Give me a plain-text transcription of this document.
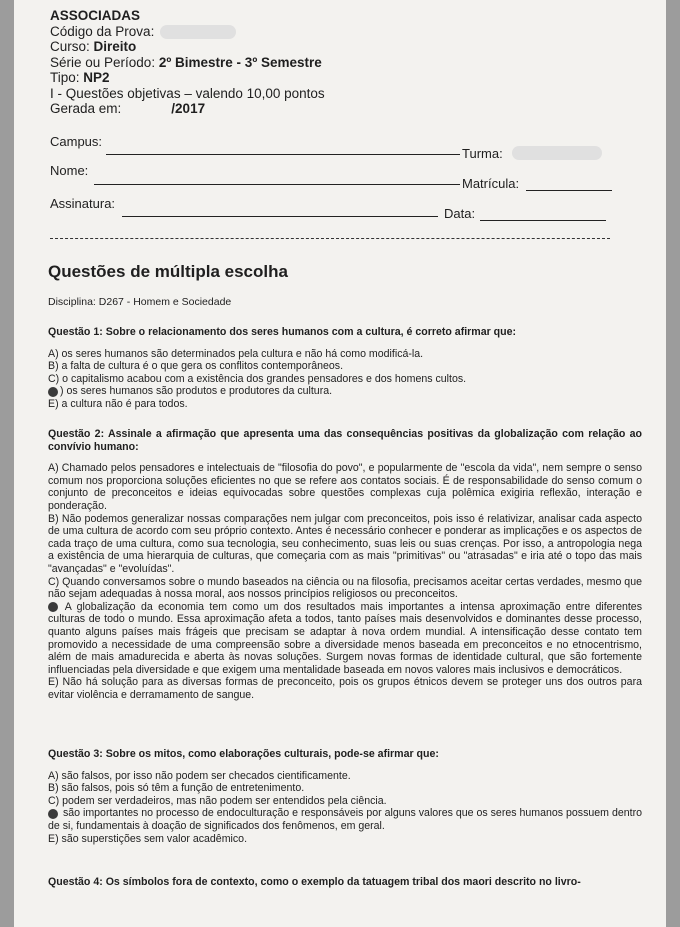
ASSOCIADAS
Código da Prova:
Curso: Direito
Série ou Período: 2º Bimestre - 3º Semestre
Tipo: NP2
I - Questões objetivas – valendo 10,00 pontos
Gerada em:	/2017
Campus:
Turma:
Nome:
Matrícula:
Assinatura:
Data:
Questões de múltipla escolha
Disciplina: D267 - Homem e Sociedade
Questão 1: Sobre o relacionamento dos seres humanos com a cultura, é correto afirmar que:
A) os seres humanos são determinados pela cultura e não há como modificá-la.
B) a falta de cultura é o que gera os conflitos contemporâneos.
C) o capitalismo acabou com a existência dos grandes pensadores e dos homens cultos.
) os seres humanos são produtos e produtores da cultura.
E) a cultura não é para todos.
Questão 2: Assinale a afirmação que apresenta uma das consequências positivas da globalização com relação ao convívio humano:
A) Chamado pelos pensadores e intelectuais de "filosofia do povo", e popularmente de "escola da vida", nem sempre o senso comum nos proporciona soluções eficientes no que se refere aos contatos sociais. É de responsabilidade do senso comum o conjunto de preconceitos e ideias equivocadas sobre questões complexas cuja polêmica exigiria reflexão, interação e ponderação.
B) Não podemos generalizar nossas comparações nem julgar com preconceitos, pois isso é relativizar, analisar cada aspecto de uma cultura de acordo com seu próprio contexto. Antes é necessário conhecer e ponderar as implicações e os aspectos de cada traço de uma cultura, como sua tecnologia, seu conhecimento, suas leis ou suas crenças. Por isso, a antropologia nega a existência de uma hierarquia de culturas, que começaria com as mais "primitivas" ou "atrasadas" e iria até o topo das mais "avançadas" e "evoluídas".
C) Quando conversamos sobre o mundo baseados na ciência ou na filosofia, precisamos aceitar certas verdades, mesmo que não sejam adequadas à nossa moral, aos nossos princípios religiosos ou preconceitos.
A globalização da economia tem como um dos resultados mais importantes a intensa aproximação entre diferentes culturas de todo o mundo. Essa aproximação afeta a todos, tanto países mais desenvolvidos e dominantes desse processo, quanto alguns países mais frágeis que precisam se adaptar à nova ordem mundial. A intensificação desse contato tem promovido a necessidade de uma compreensão sobre a diversidade menos baseada em preconceitos e no etnocentrismo, além de mais amadurecida e aberta às novas soluções. Surgem novas formas de identidade cultural, que são fortemente influenciadas pela diversidade e que exigem uma mentalidade baseada em novos valores mais inclusivos e democráticos.
E) Não há solução para as diversas formas de preconceito, pois os grupos étnicos devem se proteger uns dos outros para evitar violência e derramamento de sangue.
Questão 3: Sobre os mitos, como elaborações culturais, pode-se afirmar que:
A) são falsos, por isso não podem ser checados cientificamente.
B) são falsos, pois só têm a função de entretenimento.
C) podem ser verdadeiros, mas não podem ser entendidos pela ciência.
são importantes no processo de endoculturação e responsáveis por alguns valores que os seres humanos possuem dentro de si, fundamentais à doação de significados dos fenômenos, em geral.
E) são superstições sem valor acadêmico.
Questão 4: Os símbolos fora de contexto, como o exemplo da tatuagem tribal dos maori descrito no livro-
